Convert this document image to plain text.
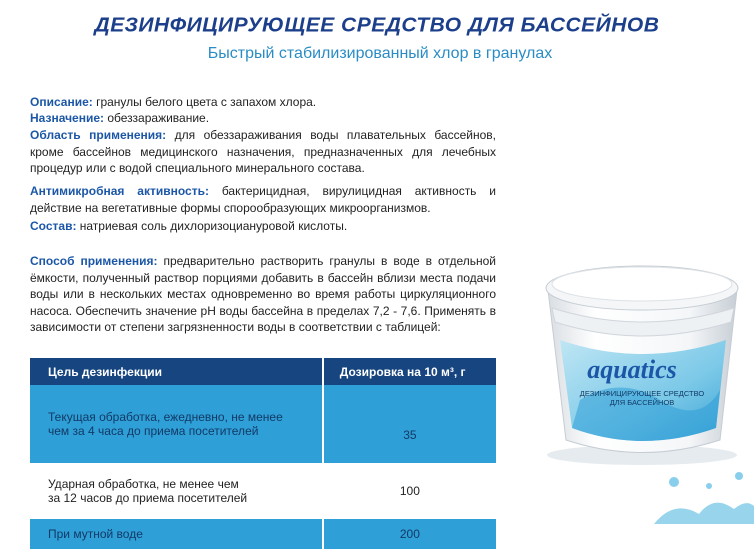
ДЕЗИНФИЦИРУЮЩЕЕ СРЕДСТВО ДЛЯ БАССЕЙНОВ
Быстрый стабилизированный хлор в гранулах
Описание: гранулы белого цвета с запахом хлора.
Назначение: обеззараживание.
Область применения: для обеззараживания воды плавательных бассейнов, кроме бассейнов медицинского назначения, предназначенных для лечебных процедур или с водой специального минерального состава.
Антимикробная активность: бактерицидная, вирулицидная активность и действие на вегетативные формы спорообразующих микроорганизмов.
Состав: натриевая соль дихлоризоциануровой кислоты.
Способ применения: предварительно растворить гранулы в воде в отдельной ёмкости, полученный раствор порциями добавить в бассейн вблизи места подачи воды или в нескольких местах одновременно во время работы циркуляционного насоса. Обеспечить значение pH воды бассейна в пределах 7,2 - 7,6. Применять в зависимости от степени загрязненности воды в соответствии с таблицей:
Цель дезинфекции	Дозировка на 10 м³, г

Текущая обработка, ежедневно, не менее
чем за 4 часа до приема посетителей	35

Ударная обработка, не менее чем
за 12 часов до приема посетителей	100

При мутной воде	200
aquatics
ДЕЗИНФИЦИРУЮЩЕЕ СРЕДСТВО
ДЛЯ БАССЕЙНОВ
